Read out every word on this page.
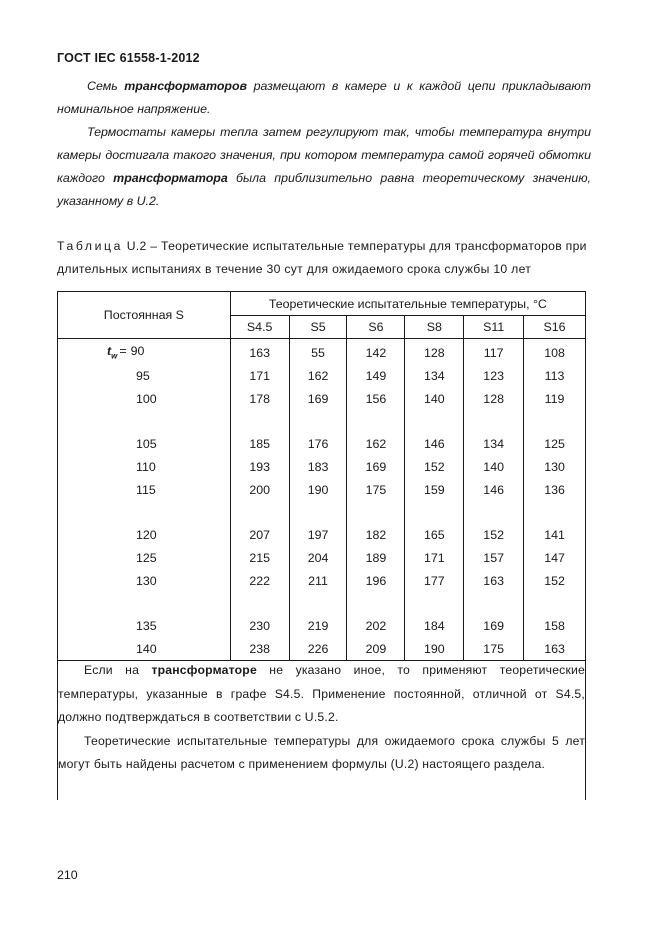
ГОСТ IEC 61558-1-2012
Семь трансформаторов размещают в камере и к каждой цепи прикладывают номинальное напряжение.
Термостаты камеры тепла затем регулируют так, чтобы температура внутри камеры достигала такого значения, при котором температура самой горячей обмотки каждого трансформатора была приблизительно равна теоретическому значению, указанному в U.2.
Таблица U.2 – Теоретические испытательные температуры для трансформаторов при длительных испытаниях в течение 30 сут для ожидаемого срока службы 10 лет
Постоянная S	Теоретические испытательные температуры, °С					
	S4.5	S5	S6	S8	S11	S16
$t_w = 90$	163	55	142	128	117	108
95	171	162	149	134	123	113
100	178	169	156	140	128	119

105	185	176	162	146	134	125
110	193	183	169	152	140	130
115	200	190	175	159	146	136

120	207	197	182	165	152	141
125	215	204	189	171	157	147
130	222	211	196	177	163	152

135	230	219	202	184	169	158
140	238	226	209	190	175	163

Если на трансформаторе не указано иное, то применяют теоретические температуры, указанные в графе S4.5. Применение постоянной, отличной от S4.5, должно подтверждаться в соответствии с U.5.2.

Теоретические испытательные температуры для ожидаемого срока службы 5 лет могут быть найдены расчетом с применением формулы (U.2) настоящего раздела.

210
